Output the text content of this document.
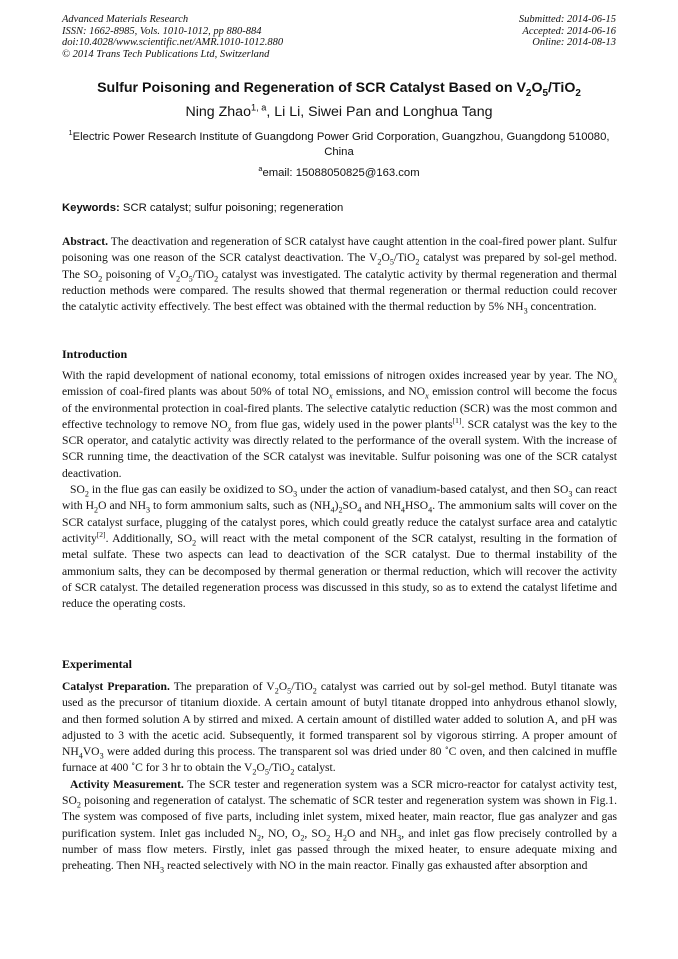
Advanced Materials Research
ISSN: 1662-8985, Vols. 1010-1012, pp 880-884
doi:10.4028/www.scientific.net/AMR.1010-1012.880
© 2014 Trans Tech Publications Ltd, Switzerland
Submitted: 2014-06-15
Accepted: 2014-06-16
Online: 2014-08-13
Sulfur Poisoning and Regeneration of SCR Catalyst Based on $V_2O_5/TiO_2$
Ning Zhao$^{1, a}$, Li Li, Siwei Pan and Longhua Tang
$^1$Electric Power Research Institute of Guangdong Power Grid Corporation, Guangzhou, Guangdong 510080, China
$^a$email: 15088050825@163.com
Keywords: SCR catalyst; sulfur poisoning; regeneration

Abstract. The deactivation and regeneration of SCR catalyst have caught attention in the coal-fired power plant. Sulfur poisoning was one reason of the SCR catalyst deactivation. The $V_2O_5/TiO_2$ catalyst was prepared by sol-gel method. The $SO_2$ poisoning of $V_2O_5/TiO_2$ catalyst was investigated. The catalytic activity by thermal regeneration and thermal reduction methods were compared. The results showed that thermal regeneration or thermal reduction could recover the catalytic activity effectively. The best effect was obtained with the thermal reduction by 5% $NH_3$ concentration.

Introduction

With the rapid development of national economy, total emissions of nitrogen oxides increased year by year. The $NO_x$ emission of coal-fired plants was about 50% of total $NO_x$ emissions, and $NO_x$ emission control will become the focus of the environmental protection in coal-fired plants. The selective catalytic reduction (SCR) was the most common and effective technology to remove $NO_x$ from flue gas, widely used in the power plants[1]. SCR catalyst was the key to the SCR operator, and catalytic activity was directly related to the performance of the overall system. With the increase of SCR running time, the deactivation of the SCR catalyst was inevitable. Sulfur poisoning was one of the SCR catalyst deactivation.

$SO_2$ in the flue gas can easily be oxidized to $SO_3$ under the action of vanadium-based catalyst, and then $SO_3$ can react with $H_2O$ and $NH_3$ to form ammonium salts, such as $(NH_4)_2SO_4$ and $NH_4HSO_4$. The ammonium salts will cover on the SCR catalyst surface, plugging of the catalyst pores, which could greatly reduce the catalyst surface area and catalytic activity[2]. Additionally, $SO_2$ will react with the metal component of the SCR catalyst, resulting in the formation of metal sulfate. These two aspects can lead to deactivation of the SCR catalyst. Due to thermal instability of the ammonium salts, they can be decomposed by thermal generation or thermal reduction, which will recover the activity of SCR catalyst. The detailed regeneration process was discussed in this study, so as to extend the catalyst lifetime and reduce the operating costs.

Experimental

Catalyst Preparation. The preparation of $V_2O_5/TiO_2$ catalyst was carried out by sol-gel method. Butyl titanate was used as the precursor of titanium dioxide. A certain amount of butyl titanate dropped into anhydrous ethanol slowly, and then formed solution A by stirred and mixed. A certain amount of distilled water added to solution A, and pH was adjusted to 3 with the acetic acid. Subsequently, it formed transparent sol by vigorous stirring. A proper amount of $NH_4VO_3$ were added during this process. The transparent sol was dried under 80 ˚C oven, and then calcined in muffle furnace at 400 ˚C for 3 hr to obtain the $V_2O_5/TiO_2$ catalyst.

Activity Measurement. The SCR tester and regeneration system was a SCR micro-reactor for catalyst activity test, $SO_2$ poisoning and regeneration of catalyst. The schematic of SCR tester and regeneration system was shown in Fig.1. The system was composed of five parts, including inlet system, mixed heater, main reactor, flue gas analyzer and gas purification system. Inlet gas included $N_2$, NO, $O_2$, $SO_2$ $H_2O$ and $NH_3$, and inlet gas flow precisely controlled by a number of mass flow meters. Firstly, inlet gas passed through the mixed heater, to ensure adequate mixing and preheating. Then $NH_3$ reacted selectively with NO in the main reactor. Finally gas exhausted after absorption and
